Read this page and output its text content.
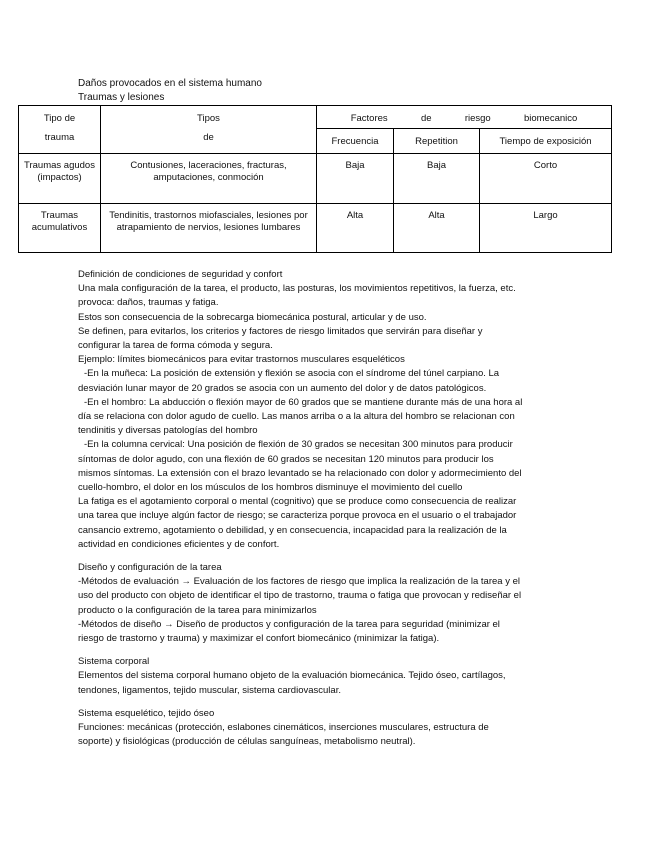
Daños provocados en el sistema humano
Traumas y lesiones
Tipo de	Tipos	Factores de riesgo biomecanico		
trauma	de	Frecuencia	Repetition	Tiempo de exposición
Traumas agudos (impactos)	Contusiones, laceraciones, fracturas, amputaciones, conmoción	Baja	Baja	Corto
Traumas acumulativos	Tendinitis, trastornos miofasciales, lesiones por atrapamiento de nervios, lesiones lumbares	Alta	Alta	Largo

Definición de condiciones de seguridad y confort

Una mala configuración de la tarea, el producto, las posturas, los movimientos repetitivos, la fuerza, etc.

provoca: daños, traumas y fatiga.

Estos son consecuencia de la sobrecarga biomecánica postural, articular y de uso.

Se definen, para evitarlos, los criterios y factores de riesgo limitados que servirán para diseñar y

configurar la tarea de forma cómoda y segura.

Ejemplo: límites biomecánicos para evitar trastornos musculares esqueléticos

-En la muñeca: La posición de extensión y flexión se asocia con el síndrome del túnel carpiano. La

desviación lunar mayor de 20 grados se asocia con un aumento del dolor y de datos patológicos.

-En el hombro: La abducción o flexión mayor de 60 grados que se mantiene durante más de una hora al

día se relaciona con dolor agudo de cuello. Las manos arriba o a la altura del hombro se relacionan con

tendinitis y diversas patologías del hombro

-En la columna cervical: Una posición de flexión de 30 grados se necesitan 300 minutos para producir

síntomas de dolor agudo, con una flexión de 60 grados se necesitan 120 minutos para producir los

mismos síntomas. La extensión con el brazo levantado se ha relacionado con dolor y adormecimiento del

cuello-hombro, el dolor en los músculos de los hombros disminuye el movimiento del cuello

La fatiga es el agotamiento corporal o mental (cognitivo) que se produce como consecuencia de realizar

una tarea que incluye algún factor de riesgo; se caracteriza porque provoca en el usuario o el trabajador

cansancio extremo, agotamiento o debilidad, y en consecuencia, incapacidad para la realización de la

actividad en condiciones eficientes y de confort.

Diseño y configuración de la tarea

-Métodos de evaluación → Evaluación de los factores de riesgo que implica la realización de la tarea y el

uso del producto con objeto de identificar el tipo de trastorno, trauma o fatiga que provocan y rediseñar el

producto o la configuración de la tarea para minimizarlos

-Métodos de diseño → Diseño de productos y configuración de la tarea para seguridad (minimizar el

riesgo de trastorno y trauma) y maximizar el confort biomecánico (minimizar la fatiga).

Sistema corporal

Elementos del sistema corporal humano objeto de la evaluación biomecánica. Tejido óseo, cartílagos,

tendones, ligamentos, tejido muscular, sistema cardiovascular.

Sistema esquelético, tejido óseo

Funciones: mecánicas (protección, eslabones cinemáticos, inserciones musculares, estructura de

soporte) y fisiológicas (producción de células sanguíneas, metabolismo neutral).
